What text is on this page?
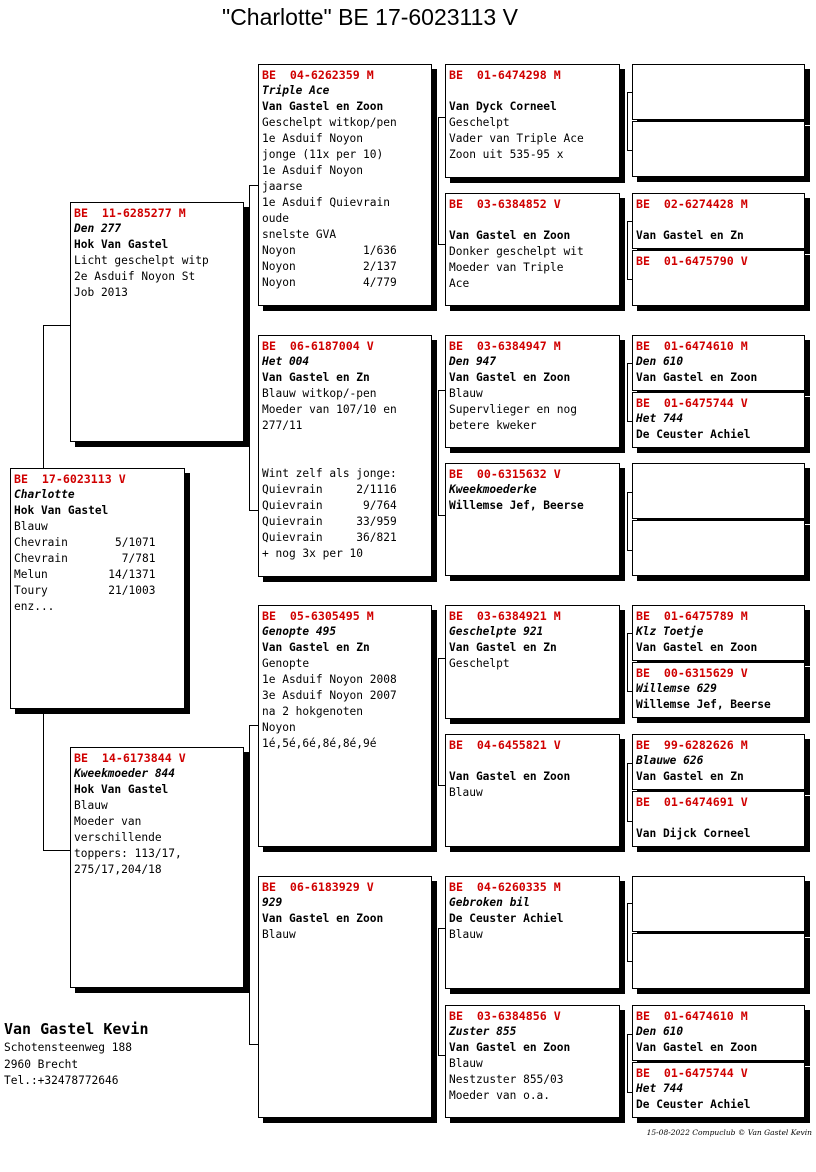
"Charlotte" BE 17-6023113 V
BE  17-6023113 V
Charlotte
Hok Van Gastel
Blauw
Chevrain       5/1071
Chevrain        7/781
Melun         14/1371
Toury         21/1003
enz...
BE  11-6285277 M
Den 277
Hok Van Gastel
Licht geschelpt witp
2e Asduif Noyon St
Job 2013
BE  14-6173844 V
Kweekmoeder 844
Hok Van Gastel
Blauw
Moeder van
verschillende
toppers: 113/17,
275/17,204/18
BE  04-6262359 M
Triple Ace
Van Gastel en Zoon
Geschelpt witkop/pen
1e Asduif Noyon
jonge (11x per 10)
1e Asduif Noyon
jaarse
1e Asduif Quievrain
oude
snelste GVA
Noyon          1/636
Noyon          2/137
Noyon          4/779
BE  06-6187004 V
Het 004
Van Gastel en Zn
Blauw witkop/-pen
Moeder van 107/10 en
277/11
Wint zelf als jonge:
Quievrain     2/1116
Quievrain      9/764
Quievrain     33/959
Quievrain     36/821
+ nog 3x per 10
BE  05-6305495 M
Genopte 495
Van Gastel en Zn
Genopte
1e Asduif Noyon 2008
3e Asduif Noyon 2007
na 2 hokgenoten
Noyon
1é,5é,6é,8é,8é,9é
BE  06-6183929 V
929
Van Gastel en Zoon
Blauw
BE  01-6474298 M
Van Dyck Corneel
Geschelpt
Vader van Triple Ace
Zoon uit 535-95 x
BE  03-6384852 V
Van Gastel en Zoon
Donker geschelpt wit
Moeder van Triple
Ace
BE  03-6384947 M
Den 947
Van Gastel en Zoon
Blauw
Supervlieger en nog
betere kweker
BE  00-6315632 V
Kweekmoederke
Willemse Jef, Beerse
BE  03-6384921 M
Geschelpte 921
Van Gastel en Zn
Geschelpt
BE  04-6455821 V
Van Gastel en Zoon
Blauw
BE  04-6260335 M
Gebroken bil
De Ceuster Achiel
Blauw
BE  03-6384856 V
Zuster 855
Van Gastel en Zoon
Blauw
Nestzuster 855/03
Moeder van o.a.
BE  02-6274428 M
Van Gastel en Zn
BE  01-6475790 V
BE  01-6474610 M
Den 610
Van Gastel en Zoon
BE  01-6475744 V
Het 744
De Ceuster Achiel
BE  01-6475789 M
Klz Toetje
Van Gastel en Zoon
BE  00-6315629 V
Willemse 629
Willemse Jef, Beerse
BE  99-6282626 M
Blauwe 626
Van Gastel en Zn
BE  01-6474691 V
Van Dijck Corneel
BE  01-6474610 M
Den 610
Van Gastel en Zoon
BE  01-6475744 V
Het 744
De Ceuster Achiel
Van Gastel Kevin
Schotensteenweg 188
2960 Brecht
Tel.:+32478772646
15-08-2022 Compuclub © Van Gastel Kevin
